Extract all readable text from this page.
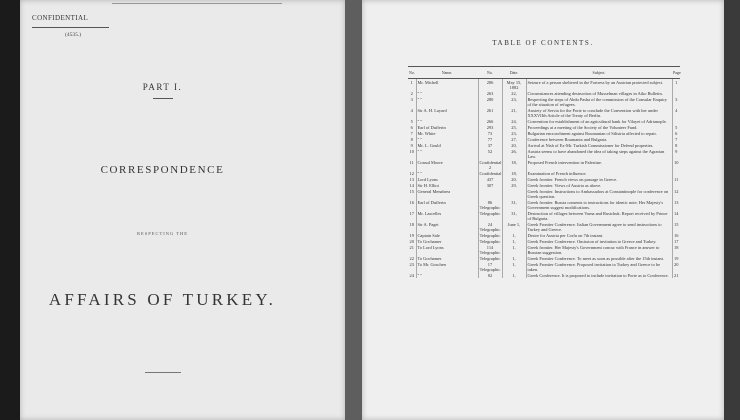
CONFIDENTIAL
(4535.)
PART I.
CORRESPONDENCE
RESPECTING THE
AFFAIRS OF TURKEY.
TABLE OF CONTENTS.
No.	Name.	No.	Date.	Subject.	Page
1	Mr. Michell	286	May 15, 1882	Seizure of a person sheltered in the Fortress by an Austrian protected subject.	1
2	" "	263	22,	Circumstances attending destruction of Musselman villages in Aiko Bulletin.	
3	" "	280	23,	Respecting the steps of Abdu Pasha of the commission of the Consular Enquiry of the situation of refugees.	3
4	Sir A. H. Layard	261	21,	Anxiety of Servia for the Porte to conclude the Convention with her under XXXVIIth Article of the Treaty of Berlin.	4
5	" "	266	24,	Convention for establishment of an agricultural bank for Vilayet of Adrianople.	
6	Earl of Dufferin	293	25,	Proceedings at a meeting of the Society of the Volunteer Fund.	5
7	Mr. White	73	23,	Bulgarian encroachment against Roumanian of Silistria affected to repair.	6
8	" "	77	27,	Conference between Roumania and Bulgaria.	7
9	Mr. L. Gould	37	20,	Arrival at Nish of Ex-Mr. Turkish Commissioner for Defend properties.	8
10	" "	52	26,	Austria seems to have abandoned the idea of taking steps against the Agrarian Law.	9
11	Consul Moore	Confidential 2	18,	Proposed French intervention in Palestine.	10
12	" "	Confidential	18,	Examination of French influence.	
13	Lord Lyons	437	20,	Greek frontier. French views on passage in Greece.	11
14	Sir H. Elliot	307	29,	Greek frontier. Views of Austria as above.	
15	General Menabrea			Greek frontier. Instructions to Ambassadors at Constantinople for conference on Greek question.	12
16	Earl of Dufferin	86 Telegraphic	31,	Greek frontier. Russia consents to instructions for identic note; Her Majesty's Government suggest modifications.	13
17	Mr. Lascelles	Telegraphic	31,	Destruction of villages between Varna and Rustchuk. Report received by Prince of Bulgaria.	14
18	Sir A. Paget	24 Telegraphic	June 1,	Greek Frontier Conference. Italian Government agree to send instructions to Turkey and Greece.	15
19	Captain Sale	Telegraphic	1,	Desire for Austria per Corfu on 7th instant.	16
20	To Gochamer	Telegraphic	1,	Greek Frontier Conference. Omission of invitation to Greece and Turkey.	17
21	To Lord Lyons	114 Telegraphic	1,	Greek frontier. Her Majesty's Government concur with France in answer to Russian suggestion.	18
22	To Gochamer	Telegraphic	1,	Greek Frontier Conference. To meet as soon as possible after the 15th instant.	19
23	To Mr. Goschen	17 Telegraphic	1,	Greek Frontier Conference. Proposed invitation to Turkey and Greece to be taken.	20
24	" "	82	1,	Greek Conference. It is proposed to include invitation to Porte as to Conference.	21
